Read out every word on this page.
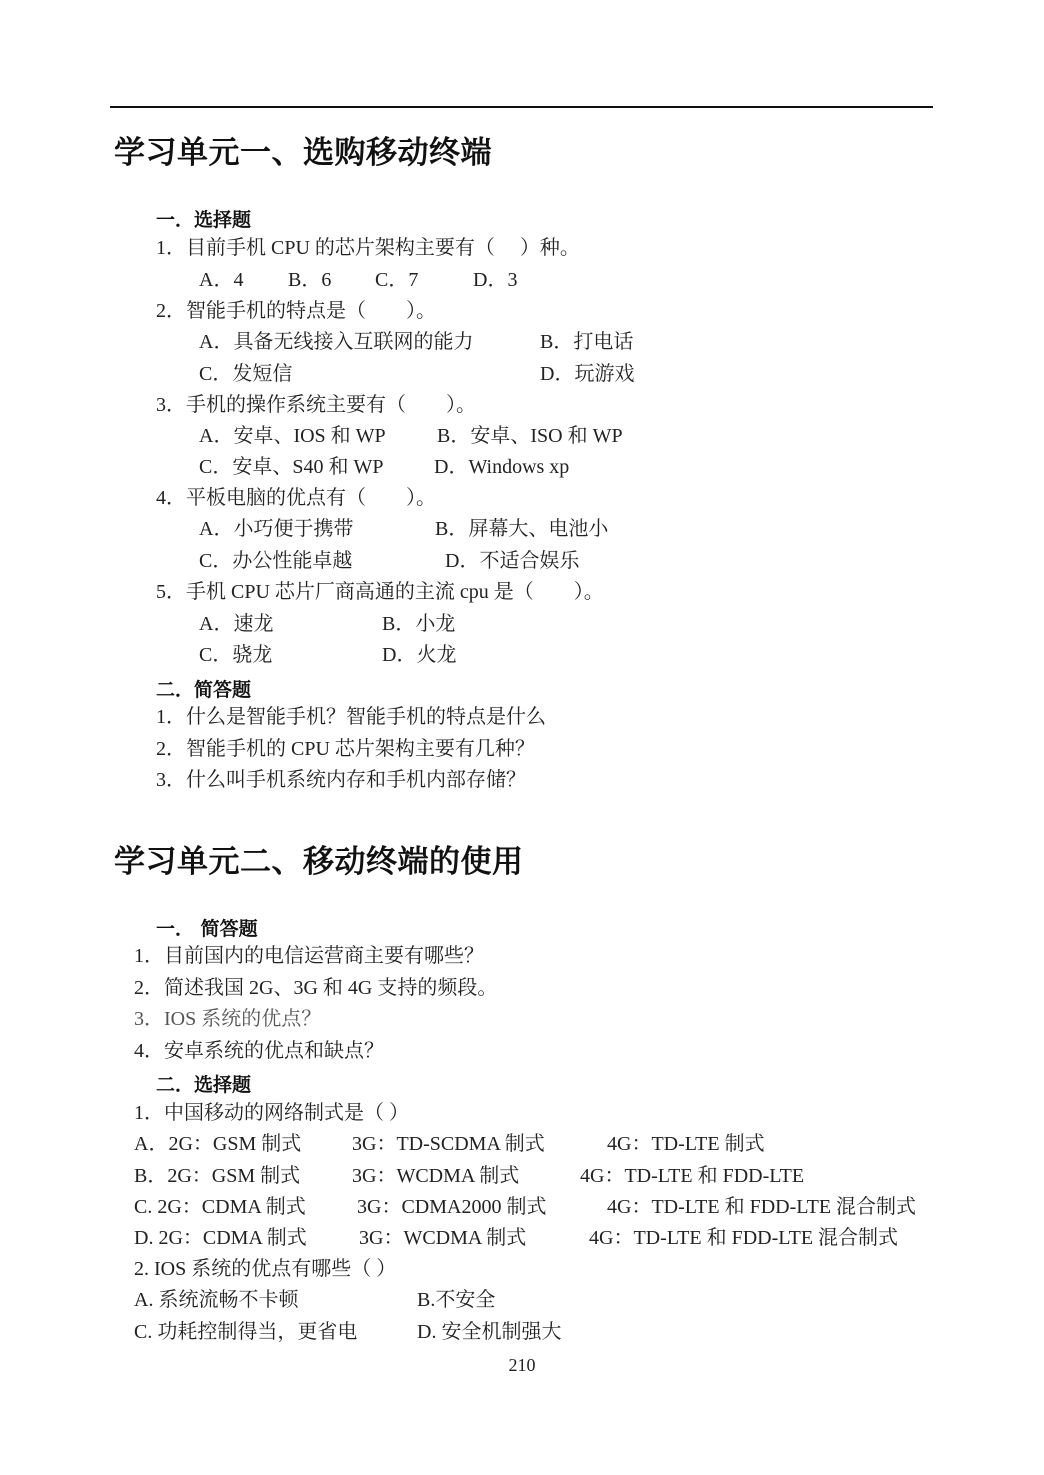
学习单元一、选购移动终端
一．选择题
1．目前手机 CPU 的芯片架构主要有（　 ）种。
A．4 B．6 C．7	D．3
2．智能手机的特点是（　　）。
A．具备无线接入互联网的能力	B．打电话
C．发短信	D．玩游戏
3．手机的操作系统主要有（　　）。
A．安卓、IOS 和 WP	B．安卓、ISO 和 WP
C．安卓、S40 和 WP	D．Windows xp
4．平板电脑的优点有（　　）。
A．小巧便于携带	B．屏幕大、电池小
C．办公性能卓越	D．不适合娱乐
5．手机 CPU 芯片厂商高通的主流 cpu 是（　　）。
A．速龙	B．小龙
C．骁龙	D．火龙
二．简答题
1．什么是智能手机？智能手机的特点是什么
2．智能手机的 CPU 芯片架构主要有几种？
3．什么叫手机系统内存和手机内部存储？
学习单元二、移动终端的使用
一． 简答题
1．目前国内的电信运营商主要有哪些？
2．简述我国 2G、3G 和 4G 支持的频段。
3．IOS 系统的优点？
4．安卓系统的优点和缺点？
二．选择题
1．中国移动的网络制式是（ ）
A．2G：GSM 制式	3G：TD-SCDMA 制式	4G：TD-LTE 制式
B．2G：GSM 制式	3G：WCDMA 制式	4G：TD-LTE 和 FDD-LTE
C. 2G：CDMA 制式	3G：CDMA2000 制式	4G：TD-LTE 和 FDD-LTE 混合制式
D. 2G：CDMA 制式	3G：WCDMA 制式	4G：TD-LTE 和 FDD-LTE 混合制式
2. IOS 系统的优点有哪些（ ）
A. 系统流畅不卡顿	B.不安全
C. 功耗控制得当，更省电	D. 安全机制强大
210
